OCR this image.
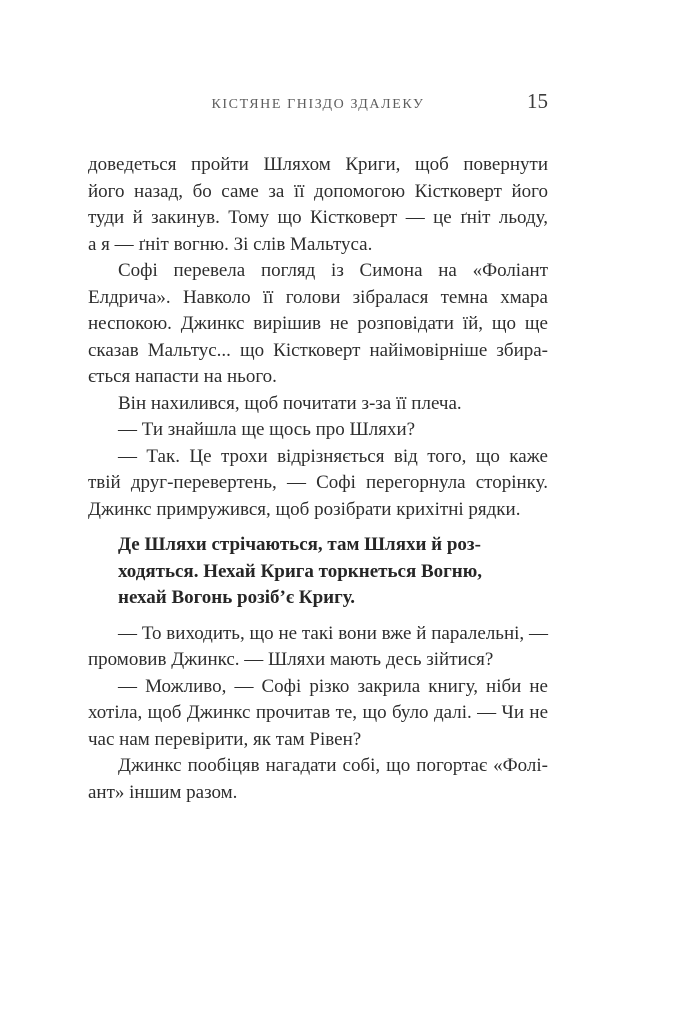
КІСТЯНЕ ГНІЗДО ЗДАЛЕКУ	15
доведеться пройти Шляхом Криги, щоб повернути
його назад, бо саме за її допомогою Кістковерт його
туди й закинув. Тому що Кістковерт — це ґніт льоду,
а я — ґніт вогню. Зі слів Мальтуса.
Софі перевела погляд із Симона на «Фоліант
Елдрича». Навколо її голови зібралася темна хмара
неспокою. Джинкс вирішив не розповідати їй, що ще
сказав Мальтус... що Кістковерт найімовірніше збира-
ється напасти на нього.
Він нахилився, щоб почитати з-за її плеча.
— Ти знайшла ще щось про Шляхи?
— Так. Це трохи відрізняється від того, що каже
твій друг-перевертень, — Софі перегорнула сторінку.
Джинкс примружився, щоб розібрати крихітні рядки.
Де Шляхи стрічаються, там Шляхи й роз-
ходяться. Нехай Крига торкнеться Вогню,
нехай Вогонь розіб’є Кригу.
— То виходить, що не такі вони вже й паралельні, —
промовив Джинкс. — Шляхи мають десь зійтися?
— Можливо, — Софі різко закрила книгу, ніби не
хотіла, щоб Джинкс прочитав те, що було далі. — Чи не
час нам перевірити, як там Рівен?
Джинкс пообіцяв нагадати собі, що погортає «Фолі-
ант» іншим разом.
